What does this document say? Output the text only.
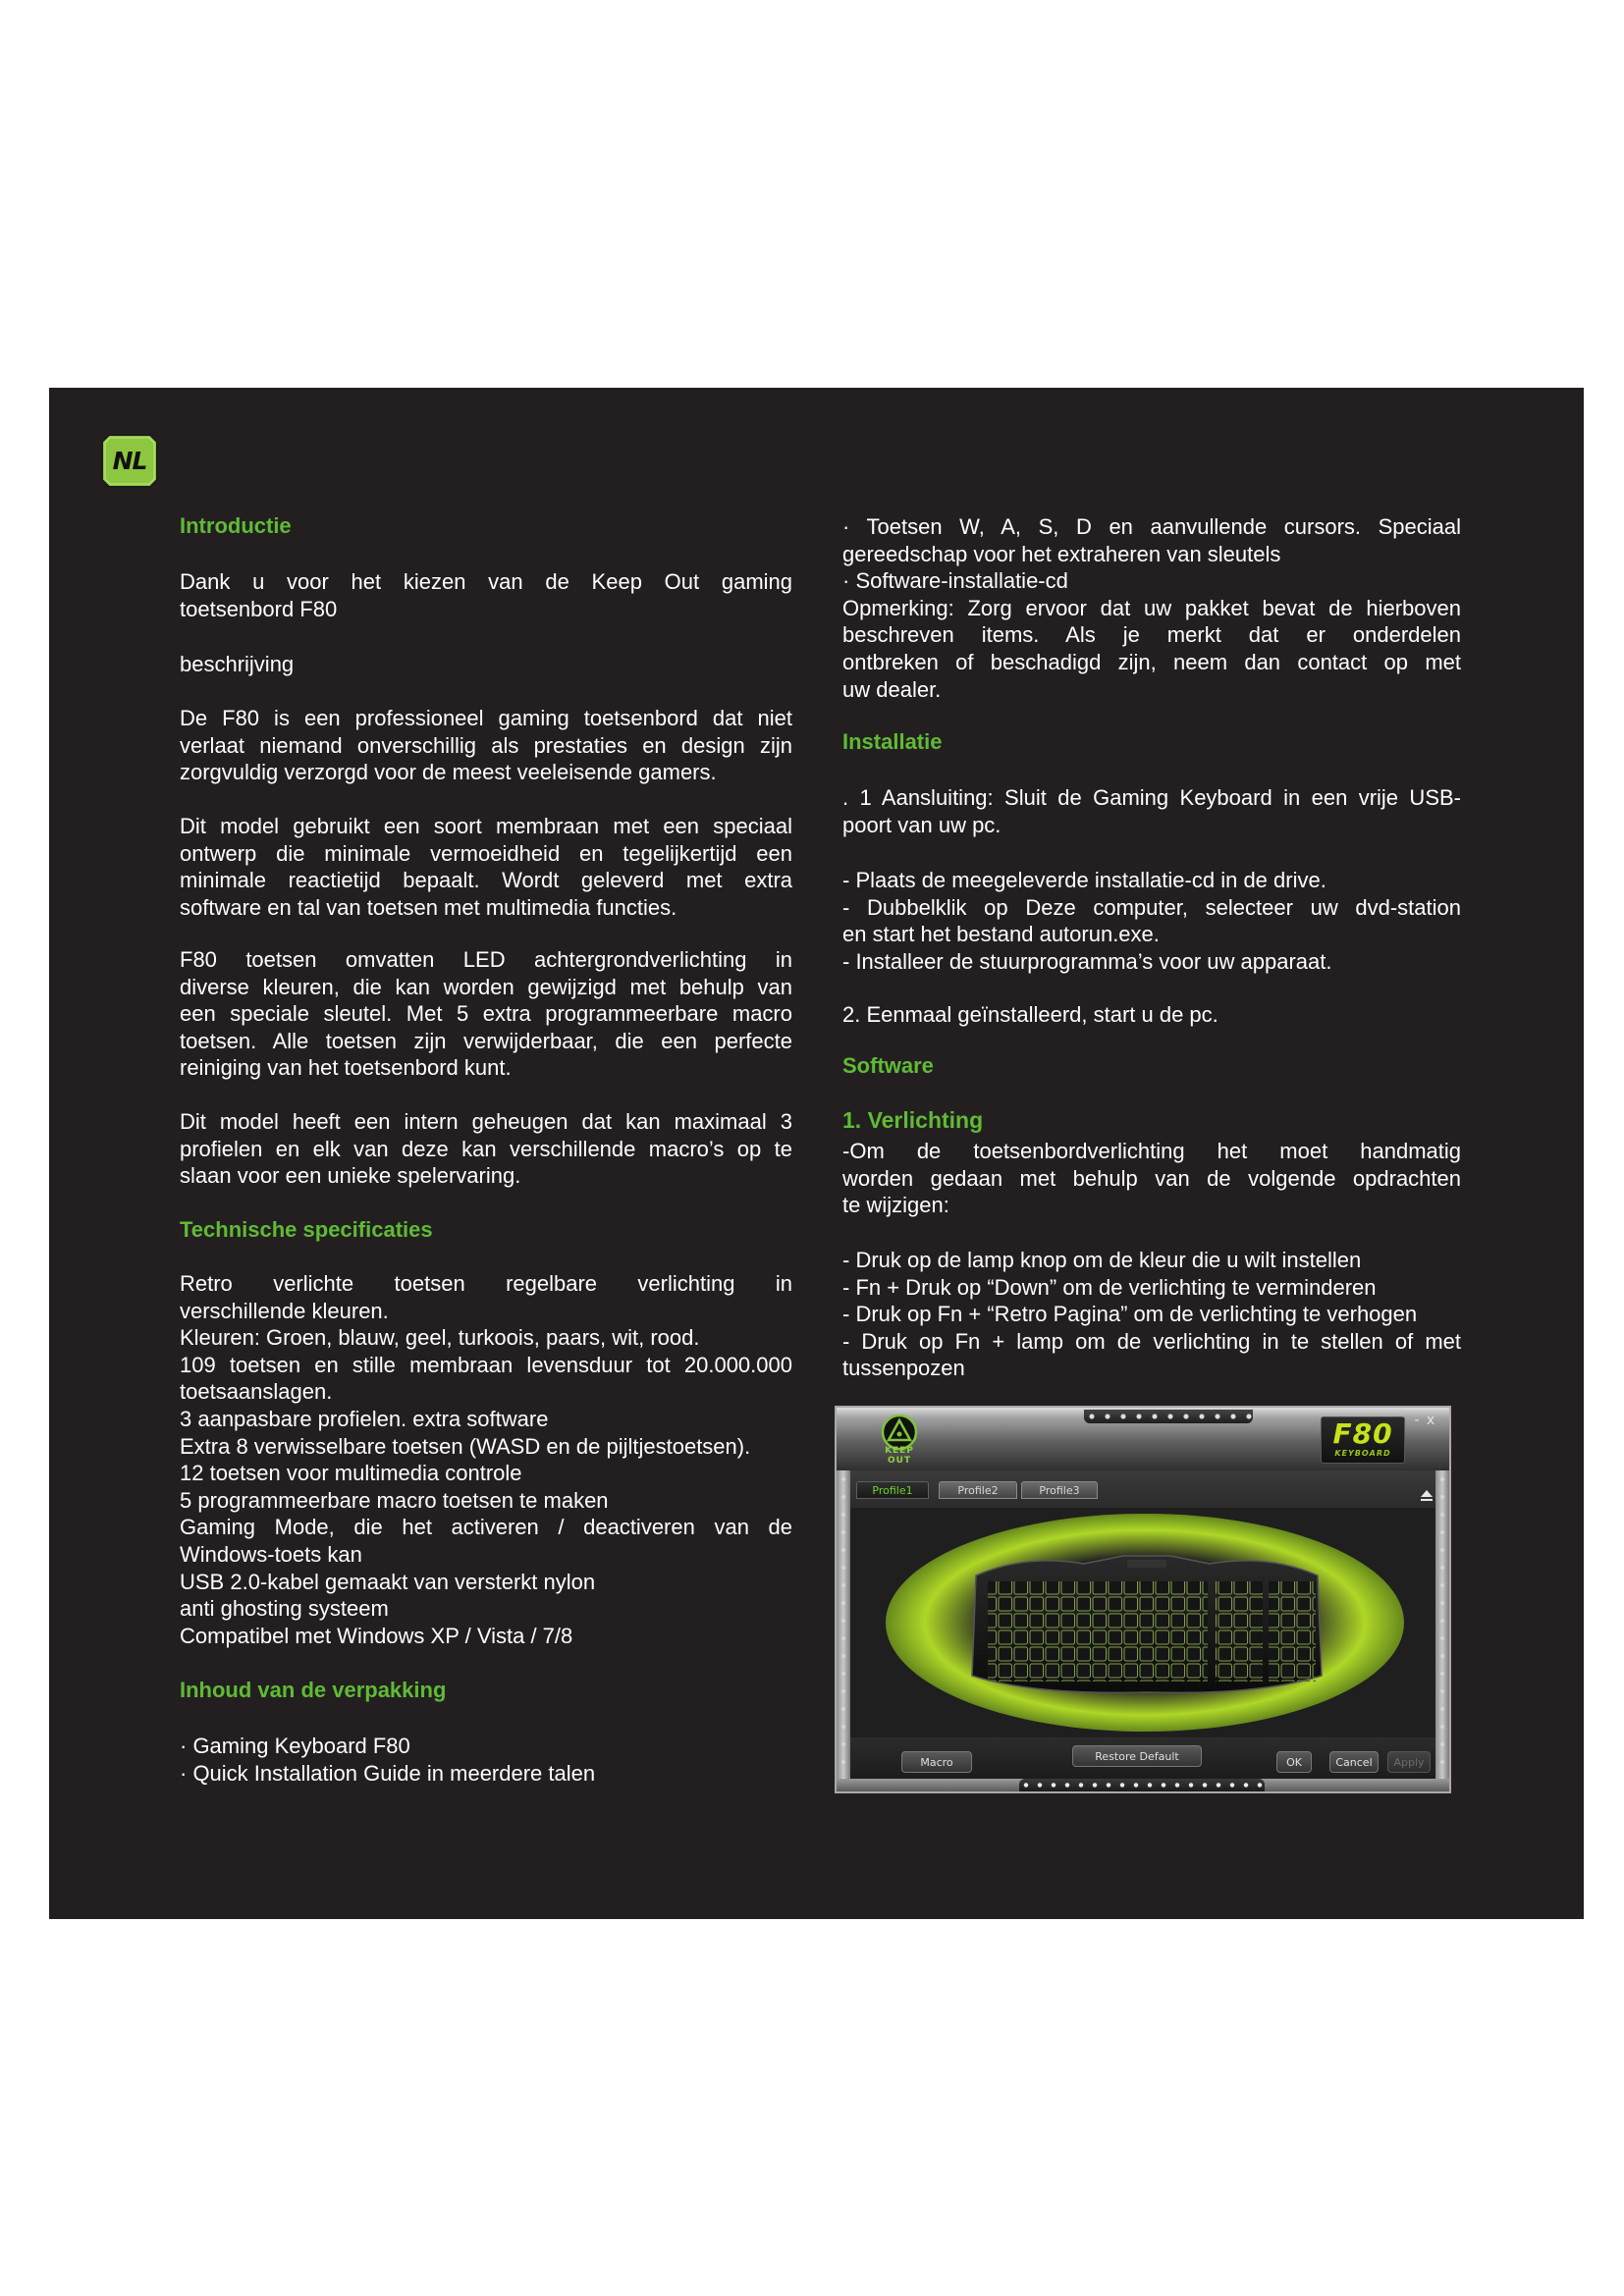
NL
Introductie
Dank u voor het kiezen van de Keep Out gaming
toetsenbord F80
beschrijving
De F80 is een professioneel gaming toetsenbord dat niet
verlaat niemand onverschillig als prestaties en design zijn
zorgvuldig verzorgd voor de meest veeleisende gamers.
Dit model gebruikt een soort membraan met een speciaal
ontwerp die minimale vermoeidheid en tegelijkertijd een
minimale reactietijd bepaalt. Wordt geleverd met extra
software en tal van toetsen met multimedia functies.
F80 toetsen omvatten LED achtergrondverlichting in
diverse kleuren, die kan worden gewijzigd met behulp van
een speciale sleutel. Met 5 extra programmeerbare macro
toetsen. Alle toetsen zijn verwijderbaar, die een perfecte
reiniging van het toetsenbord kunt.
Dit model heeft een intern geheugen dat kan maximaal 3
profielen en elk van deze kan verschillende macro’s op te
slaan voor een unieke spelervaring.
Technische specificaties
Retro verlichte toetsen regelbare verlichting in
verschillende kleuren.
Kleuren: Groen, blauw, geel, turkoois, paars, wit, rood.
109 toetsen en stille membraan levensduur tot 20.000.000
toetsaanslagen.
3 aanpasbare profielen. extra software
Extra 8 verwisselbare toetsen (WASD en de pijltjestoetsen).
12 toetsen voor multimedia controle
5 programmeerbare macro toetsen te maken
Gaming Mode, die het activeren / deactiveren van de
Windows-toets kan
USB 2.0-kabel gemaakt van versterkt nylon
anti ghosting systeem
Compatibel met Windows XP / Vista / 7/8
Inhoud van de verpakking
· Gaming Keyboard F80
· Quick Installation Guide in meerdere talen
· Toetsen W, A, S, D en aanvullende cursors. Speciaal
gereedschap voor het extraheren van sleutels
· Software-installatie-cd
Opmerking: Zorg ervoor dat uw pakket bevat de hierboven
beschreven items. Als je merkt dat er onderdelen
ontbreken of beschadigd zijn, neem dan contact op met
uw dealer.
Installatie
. 1 Aansluiting: Sluit de Gaming Keyboard in een vrije USB-
poort van uw pc.
- Plaats de meegeleverde installatie-cd in de drive.
- Dubbelklik op Deze computer, selecteer uw dvd-station
en start het bestand autorun.exe.
- Installeer de stuurprogramma’s voor uw apparaat.
2. Eenmaal geïnstalleerd, start u de pc.
Software
1. Verlichting
-Om de toetsenbordverlichting het moet handmatig
worden gedaan met behulp van de volgende opdrachten
te wijzigen:
- Druk op de lamp knop om de kleur die u wilt instellen
- Fn + Druk op “Down” om de verlichting te verminderen
- Druk op Fn + “Retro Pagina” om de verlichting te verhogen
- Druk op Fn + lamp om de verlichting in te stellen of met
tussenpozen
KEEP
OUT
F80
KEYBOARD
- x
Profile1	Profile2	Profile3
Macro	Restore Default	OK	Cancel	Apply
